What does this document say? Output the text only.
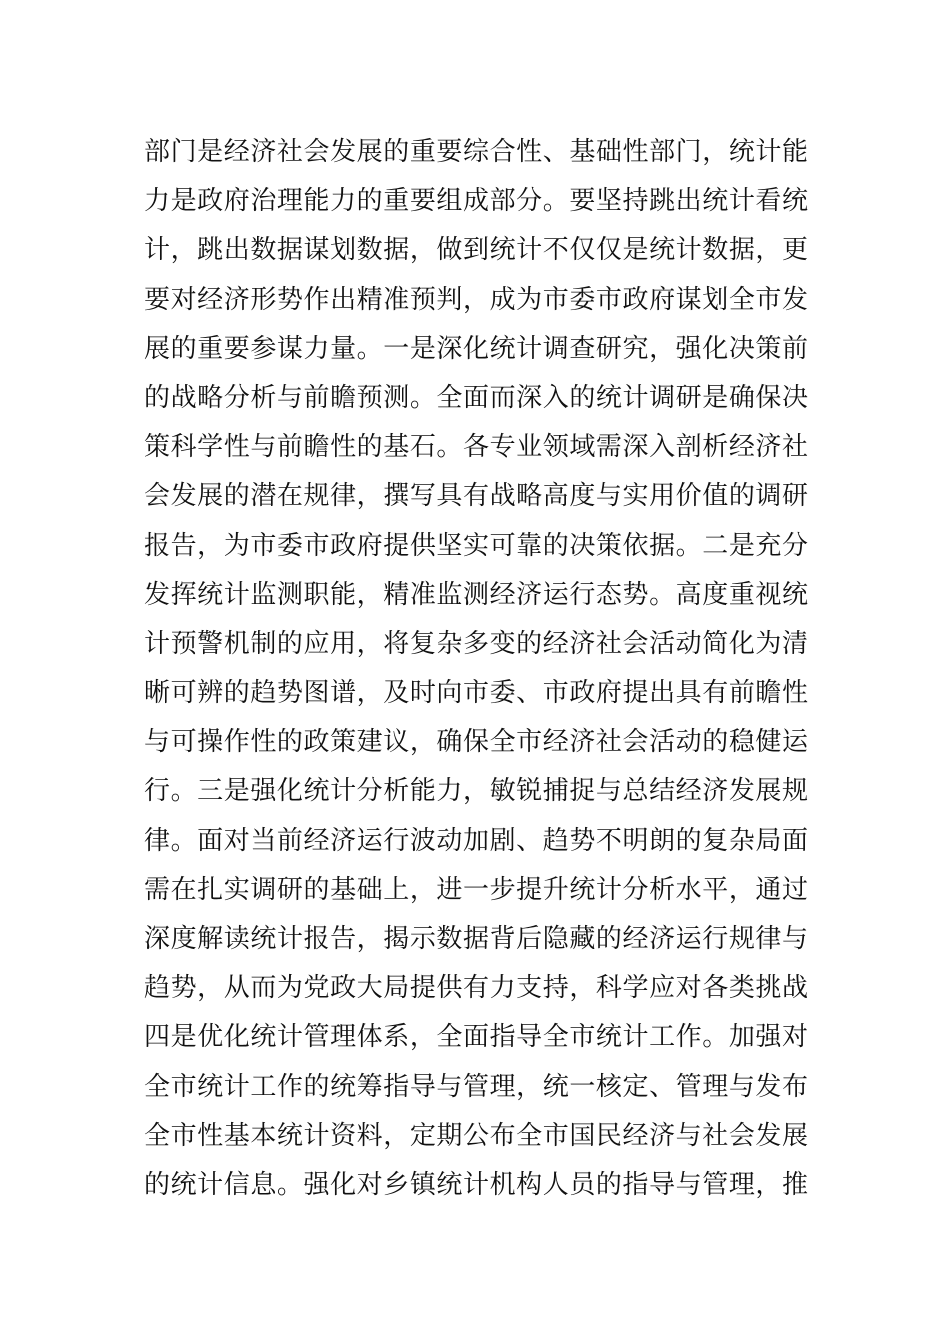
部门是经济社会发展的重要综合性、基础性部门，统计能
力是政府治理能力的重要组成部分。要坚持跳出统计看统
计，跳出数据谋划数据，做到统计不仅仅是统计数据，更
要对经济形势作出精准预判，成为市委市政府谋划全市发
展的重要参谋力量。一是深化统计调查研究，强化决策前
的战略分析与前瞻预测。全面而深入的统计调研是确保决
策科学性与前瞻性的基石。各专业领域需深入剖析经济社
会发展的潜在规律，撰写具有战略高度与实用价值的调研
报告，为市委市政府提供坚实可靠的决策依据。二是充分
发挥统计监测职能，精准监测经济运行态势。高度重视统
计预警机制的应用，将复杂多变的经济社会活动简化为清
晰可辨的趋势图谱，及时向市委、市政府提出具有前瞻性
与可操作性的政策建议，确保全市经济社会活动的稳健运
行。三是强化统计分析能力，敏锐捕捉与总结经济发展规
律。面对当前经济运行波动加剧、趋势不明朗的复杂局面
需在扎实调研的基础上，进一步提升统计分析水平，通过
深度解读统计报告，揭示数据背后隐藏的经济运行规律与
趋势，从而为党政大局提供有力支持，科学应对各类挑战
四是优化统计管理体系，全面指导全市统计工作。加强对
全市统计工作的统筹指导与管理，统一核定、管理与发布
全市性基本统计资料，定期公布全市国民经济与社会发展
的统计信息。强化对乡镇统计机构人员的指导与管理，推
